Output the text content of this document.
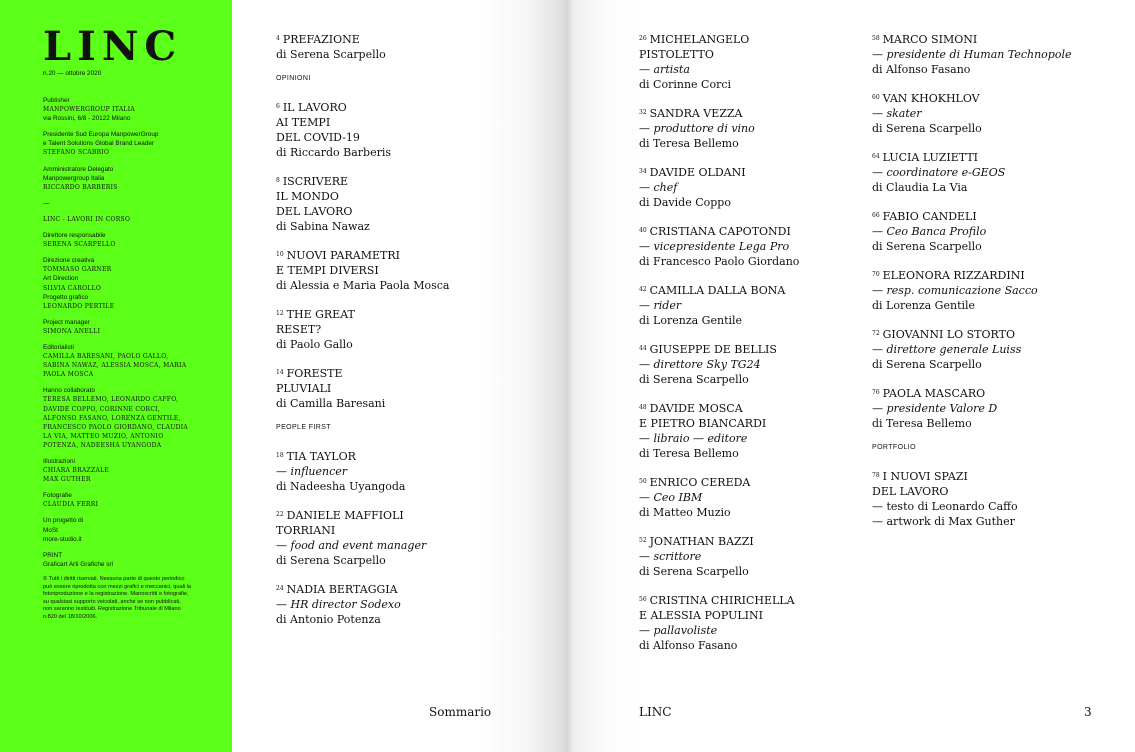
LINC
n.20 — ottobre 2020
Publisher
MANPOWERGROUP ITALIA
via Rossini, 6/8 - 20122 Milano
Presidente Sud Europa ManpowerGroup
e Talent Solutions Global Brand Leader
STEFANO SCABBIO
Amministratore Delegato
Manpowergroup Italia
RICCARDO BARBERIS
—
LINC - LAVORI IN CORSO
Direttore responsabile
SERENA SCARPELLO
Direzione creativa
TOMMASO GARNER
Art Direction
SILVIA CAROLLO
Progetto grafico
LEONARDO PERTILE
Project manager
SIMONA ANELLI
Editorialisti
CAMILLA BARESANI, PAOLO GALLO,
SABINA NAWAZ, ALESSIA MOSCA, MARIA
PAOLA MOSCA
Hanno collaborato
TERESA BELLEMO, LEONARDO CAFFO,
DAVIDE COPPO, CORINNE CORCI,
ALFONSO FASANO, LORENZA GENTILE,
FRANCESCO PAOLO GIORDANO, CLAUDIA
LA VIA, MATTEO MUZIO, ANTONIO
POTENZA, NADEESHA UYANGODA
Illustrazioni
CHIARA BRAZZALE
MAX GUTHER
Fotografie
CLAUDIA FERRI
Un progetto di
MoSt
more-studio.it
PRINT
Graficart Arti Grafiche srl
© Tutti i diritti riservati. Nessuna parte di questo periodico può essere riprodotta con mezzi grafici e meccanici, quali la fotoriproduzione e la registrazione. Manoscritti e fotografie, su qualsiasi supporto veicolati, anche se non pubblicati, non saranno restituiti. Registrazione Tribunale di Milano n.820 del 18/10/2006.
$^4$ PREFAZIONE
di Serena Scarpello
OPINIONI
$^6$ IL LAVORO
AI TEMPI
DEL COVID-19
di Riccardo Barberis
$^8$ ISCRIVERE
IL MONDO
DEL LAVORO
di Sabina Nawaz
$^{10}$ NUOVI PARAMETRI
E TEMPI DIVERSI
di Alessia e Maria Paola Mosca
$^{12}$ THE GREAT
RESET?
di Paolo Gallo
$^{14}$ FORESTE
PLUVIALI
di Camilla Baresani
PEOPLE FIRST
$^{18}$ TIA TAYLOR
— influencer
di Nadeesha Uyangoda
$^{22}$ DANIELE MAFFIOLI
TORRIANI
— food and event manager
di Serena Scarpello
$^{24}$ NADIA BERTAGGIA
— HR director Sodexo
di Antonio Potenza
$^{26}$ MICHELANGELO
PISTOLETTO
— artista
di Corinne Corci
$^{32}$ SANDRA VEZZA
— produttore di vino
di Teresa Bellemo
$^{34}$ DAVIDE OLDANI
— chef
di Davide Coppo
$^{40}$ CRISTIANA CAPOTONDI
— vicepresidente Lega Pro
di Francesco Paolo Giordano
$^{42}$ CAMILLA DALLA BONA
— rider
di Lorenza Gentile
$^{44}$ GIUSEPPE DE BELLIS
— direttore Sky TG24
di Serena Scarpello
$^{48}$ DAVIDE MOSCA
E PIETRO BIANCARDI
— libraio — editore
di Teresa Bellemo
$^{50}$ ENRICO CEREDA
— Ceo IBM
di Matteo Muzio
$^{52}$ JONATHAN BAZZI
— scrittore
di Serena Scarpello
$^{56}$ CRISTINA CHIRICHELLA
E ALESSIA POPULINI
— pallavoliste
di Alfonso Fasano
$^{58}$ MARCO SIMONI
— presidente di Human Technopole
di Alfonso Fasano
$^{60}$ VAN KHOKHLOV
— skater
di Serena Scarpello
$^{64}$ LUCIA LUZIETTI
— coordinatore e-GEOS
di Claudia La Via
$^{66}$ FABIO CANDELI
— Ceo Banca Profilo
di Serena Scarpello
$^{70}$ ELEONORA RIZZARDINI
— resp. comunicazione Sacco
di Lorenza Gentile
$^{72}$ GIOVANNI LO STORTO
— direttore generale Luiss
di Serena Scarpello
$^{76}$ PAOLA MASCARO
— presidente Valore D
di Teresa Bellemo
PORTFOLIO
$^{78}$ I NUOVI SPAZI
DEL LAVORO
— testo di Leonardo Caffo
— artwork di Max Guther
Sommario	LINC	3
